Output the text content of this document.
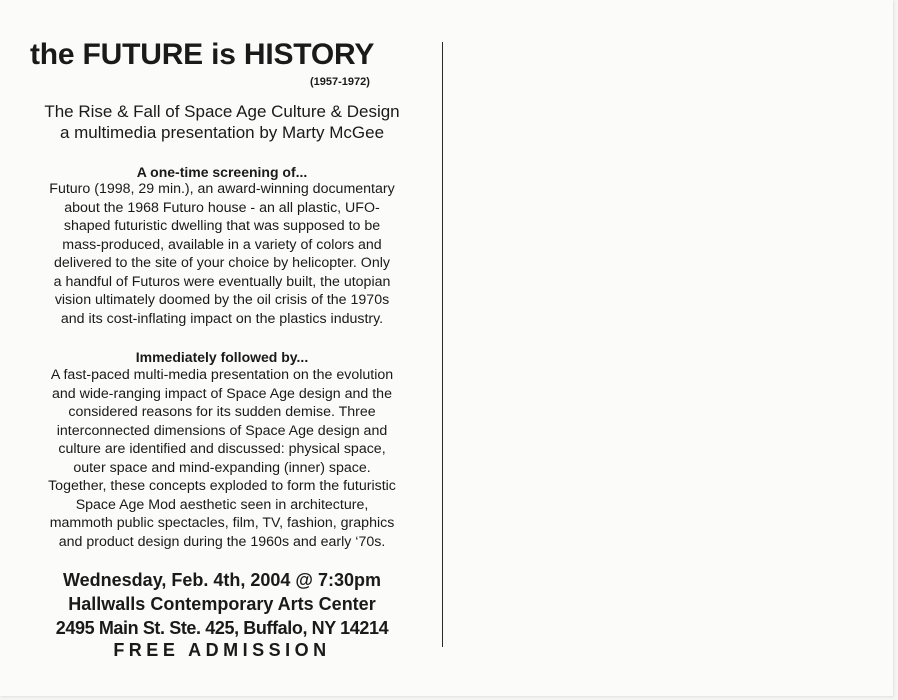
the FUTURE is HISTORY
(1957-1972)
The Rise & Fall of Space Age Culture & Design
a multimedia presentation by Marty McGee
A one-time screening of...
Futuro (1998, 29 min.), an award-winning documentary
about the 1968 Futuro house - an all plastic, UFO-
shaped futuristic dwelling that was supposed to be
mass-produced, available in a variety of colors and
delivered to the site of your choice by helicopter. Only
a handful of Futuros were eventually built, the utopian
vision ultimately doomed by the oil crisis of the 1970s
and its cost-inflating impact on the plastics industry.
Immediately followed by...
A fast-paced multi-media presentation on the evolution
and wide-ranging impact of Space Age design and the
considered reasons for its sudden demise. Three
interconnected dimensions of Space Age design and
culture are identified and discussed: physical space,
outer space and mind-expanding (inner) space.
Together, these concepts exploded to form the futuristic
Space Age Mod aesthetic seen in architecture,
mammoth public spectacles, film, TV, fashion, graphics
and product design during the 1960s and early ‘70s.
Wednesday, Feb. 4th, 2004 @ 7:30pm
Hallwalls Contemporary Arts Center
2495 Main St. Ste. 425, Buffalo, NY 14214
FREE ADMISSION
